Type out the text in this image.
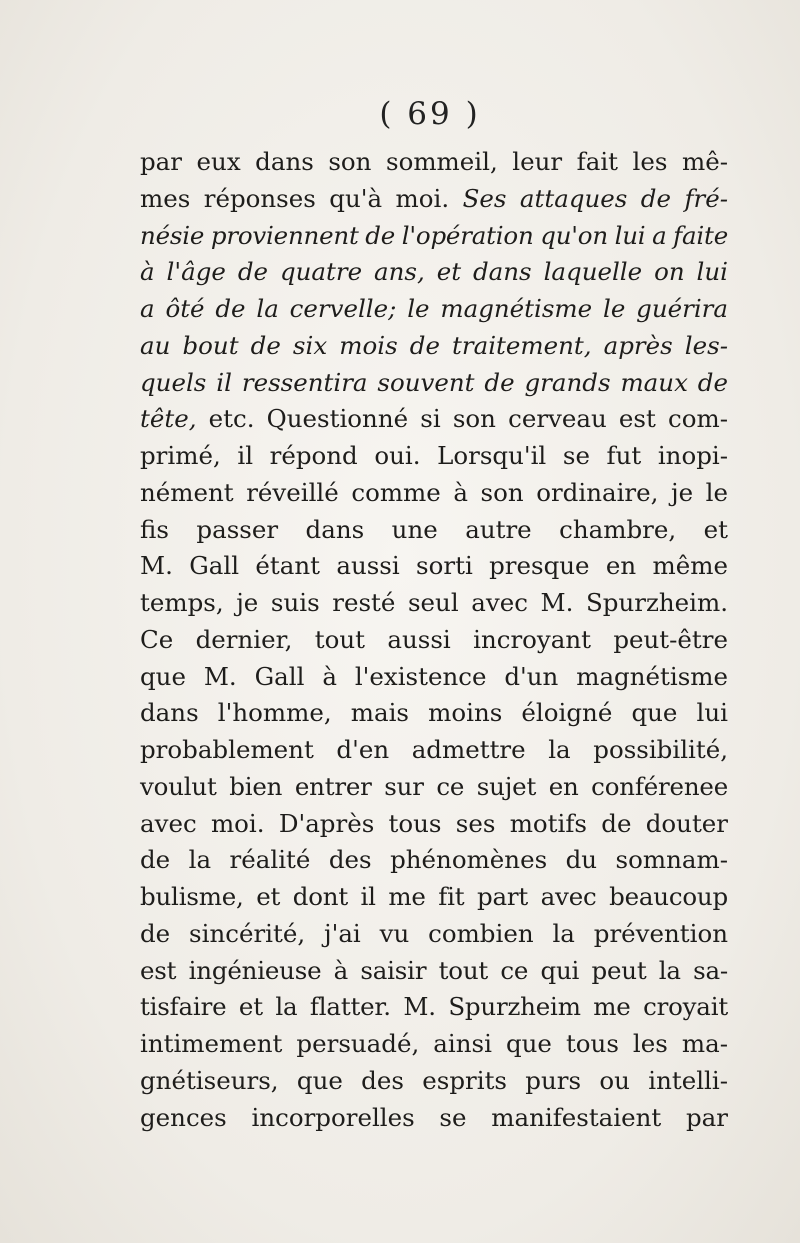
( 69 )
par eux dans son sommeil, leur fait les mê-
mes réponses qu'à moi. Ses attaques de fré-
nésie proviennent de l'opération qu'on lui a faite
à l'âge de quatre ans, et dans laquelle on lui
a ôté de la cervelle; le magnétisme le guérira
au bout de six mois de traitement, après les-
quels il ressentira souvent de grands maux de
tête, etc. Questionné si son cerveau est com-
primé, il répond oui. Lorsqu'il se fut inopi-
nément réveillé comme à son ordinaire, je le
fis passer dans une autre chambre, et
M. Gall étant aussi sorti presque en même
temps, je suis resté seul avec M. Spurzheim.
Ce dernier, tout aussi incroyant peut-être
que M. Gall à l'existence d'un magnétisme
dans l'homme, mais moins éloigné que lui
probablement d'en admettre la possibilité,
voulut bien entrer sur ce sujet en conférenee
avec moi. D'après tous ses motifs de douter
de la réalité des phénomènes du somnam-
bulisme, et dont il me fit part avec beaucoup
de sincérité, j'ai vu combien la prévention
est ingénieuse à saisir tout ce qui peut la sa-
tisfaire et la flatter. M. Spurzheim me croyait
intimement persuadé, ainsi que tous les ma-
gnétiseurs, que des esprits purs ou intelli-
gences incorporelles se manifestaient par
